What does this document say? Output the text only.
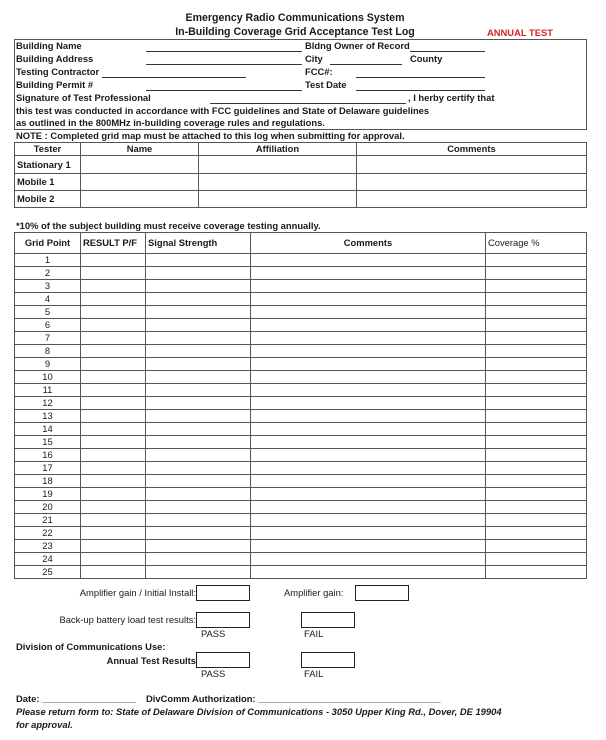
Emergency Radio Communications System
In-Building Coverage Grid Acceptance Test Log	ANNUAL TEST
Building Name	Bldng Owner of Record
Building Address	City	County
Testing Contractor	FCC#:
Building Permit #	Test Date
Signature of Test Professional	, I herby certify that
this test was conducted in accordance with FCC guidelines and State of Delaware guidelines
as outlined in the 800MHz in-building coverage rules and regulations.
NOTE : Completed grid map must be attached to this log when submitting for approval.
Tester	Name	Affiliation	Comments
Stationary 1			
Mobile 1			
Mobile 2			
*10% of the subject building must receive coverage testing annually.
Grid Point	RESULT P/F	Signal Strength	Comments	Coverage %
1				
2				
3				
4				
5				
6				
7				
8				
9				
10				
11				
12				
13				
14				
15				
16				
17				
18				
19				
20				
21				
22				
23				
24				
25				
Amplifier gain / Initial Install:	Amplifier gain:
Back-up battery load test results:
PASS	FAIL
Division of Communications Use:
Annual Test Results
PASS	FAIL
Date: __________________ DivComm Authorization: ___________________________________
Please return form to: State of Delaware Division of Communications - 3050 Upper King Rd., Dover, DE 19904
for approval.
